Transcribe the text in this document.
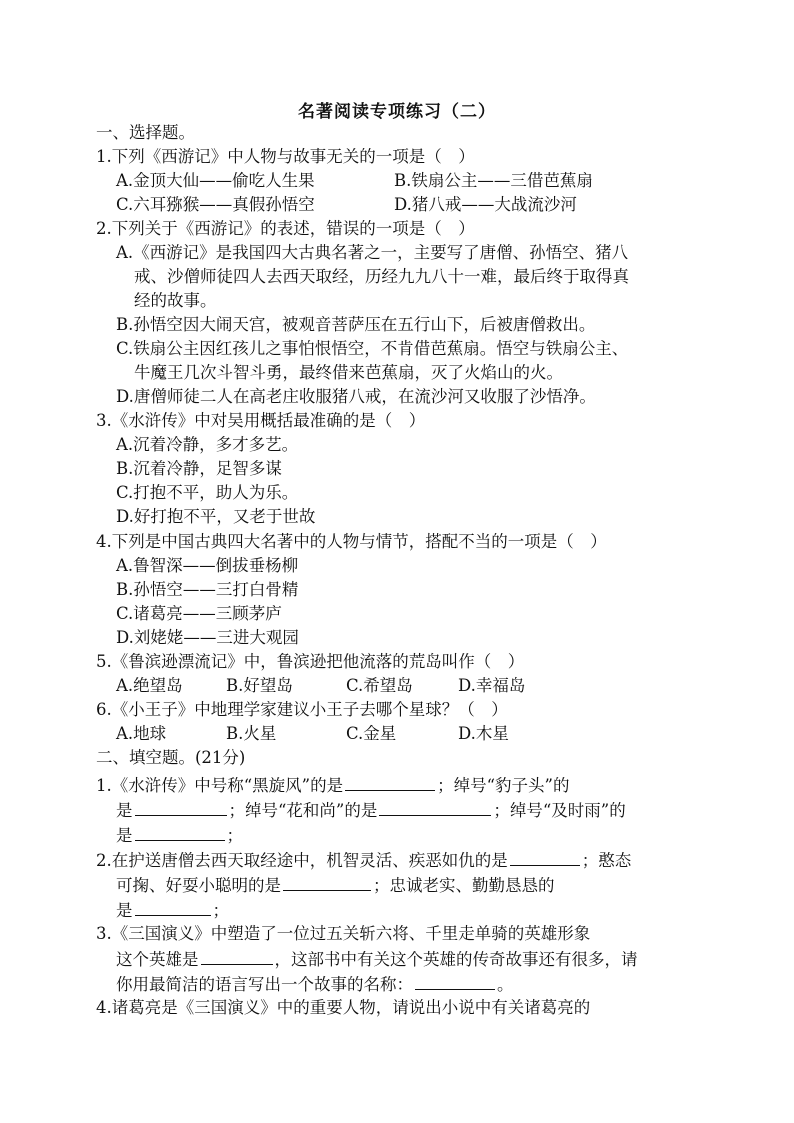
名著阅读专项练习（二）
一、选择题。
1.下列《西游记》中人物与故事无关的一项是（　）
A.金顶大仙——偷吃人生果	B.铁扇公主——三借芭蕉扇
C.六耳猕猴——真假孙悟空	D.猪八戒——大战流沙河
2.下列关于《西游记》的表述，错误的一项是（　）
A.《西游记》是我国四大古典名著之一，主要写了唐僧、孙悟空、猪八
戒、沙僧师徒四人去西天取经，历经九九八十一难，最后终于取得真
经的故事。
B.孙悟空因大闹天宫，被观音菩萨压在五行山下，后被唐僧救出。
C.铁扇公主因红孩儿之事怕恨悟空，不肯借芭蕉扇。悟空与铁扇公主、
牛魔王几次斗智斗勇，最终借来芭蕉扇，灭了火焰山的火。
D.唐僧师徒二人在高老庄收服猪八戒，在流沙河又收服了沙悟净。
3.《水浒传》中对吴用概括最准确的是（　）
A.沉着冷静，多才多艺。
B.沉着冷静，足智多谋
C.打抱不平，助人为乐。
D.好打抱不平，又老于世故
4.下列是中国古典四大名著中的人物与情节，搭配不当的一项是（　）
A.鲁智深——倒拔垂杨柳
B.孙悟空——三打白骨精
C.诸葛亮——三顾茅庐
D.刘姥姥——三进大观园
5.《鲁滨逊漂流记》中，鲁滨逊把他流落的荒岛叫作（　）
A.绝望岛	B.好望岛	C.希望岛	D.幸福岛
6.《小王子》中地理学家建议小王子去哪个星球？（　）
A.地球	B.火星	C.金星	D.木星
二、填空题。(21分)
1.《水浒传》中号称“黑旋风”的是	；绰号“豹子头”的
是	；绰号“花和尚”的是	；绰号“及时雨”的
是	；
2.在护送唐僧去西天取经途中，机智灵活、疾恶如仇的是	；憨态
可掬、好耍小聪明的是	；忠诚老实、勤勤恳恳的
是	；
3.《三国演义》中塑造了一位过五关斩六将、千里走单骑的英雄形象
这个英雄是	，这部书中有关这个英雄的传奇故事还有很多，请
你用最简洁的语言写出一个故事的名称：	。
4.诸葛亮是《三国演义》中的重要人物，请说出小说中有关诸葛亮的
